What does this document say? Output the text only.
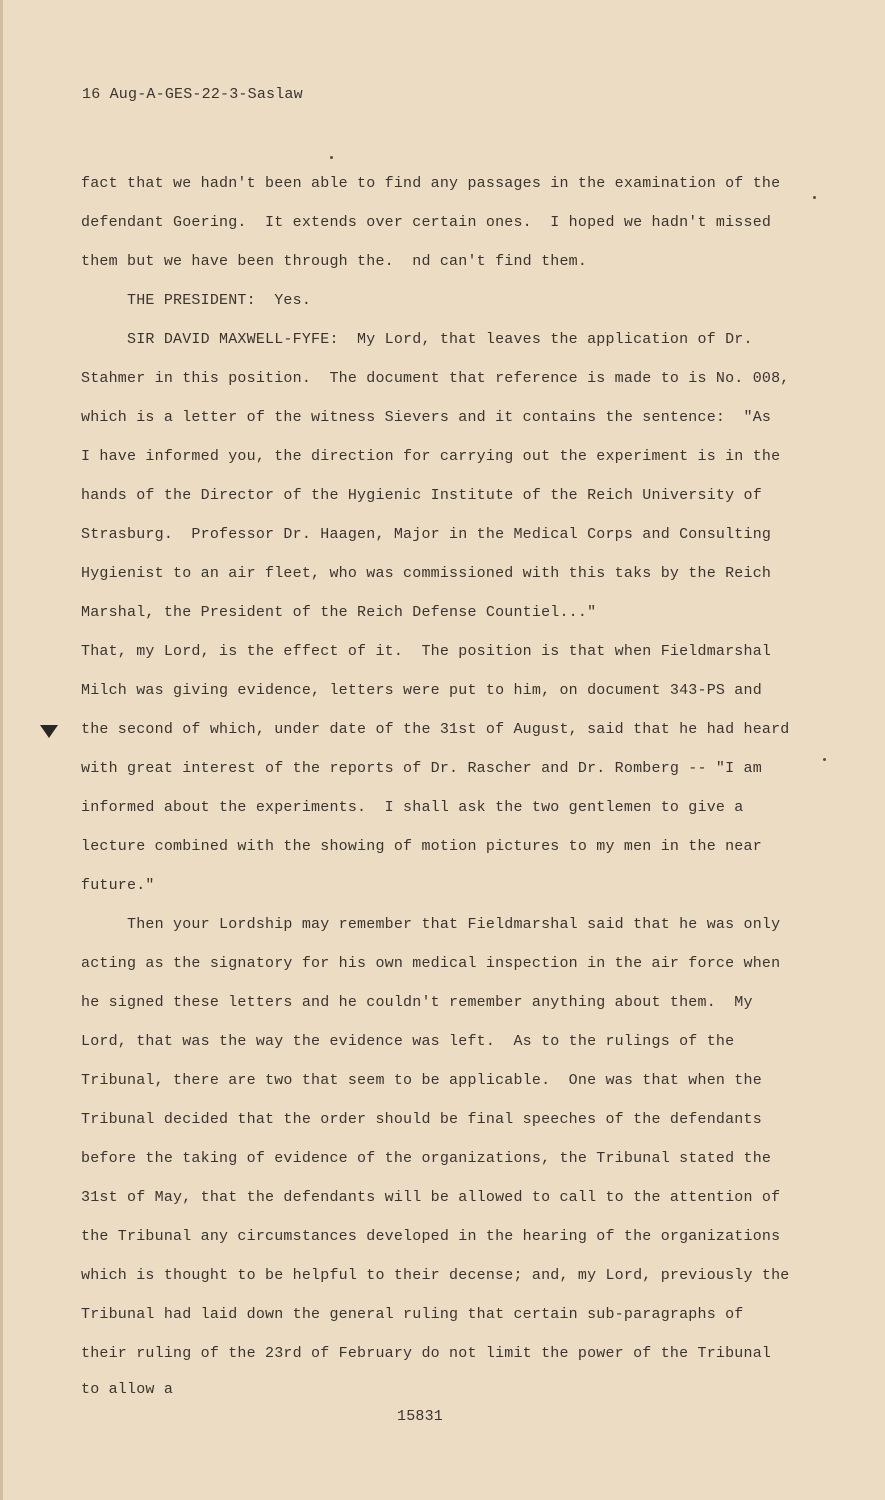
16 Aug-A-GES-22-3-Saslaw
fact that we hadn't been able to find any passages in the examination of the
defendant Goering.  It extends over certain ones.  I hoped we hadn't missed
them but we have been through the.  nd can't find them.
THE PRESIDENT:  Yes.
SIR DAVID MAXWELL-FYFE:  My Lord, that leaves the application of Dr.
Stahmer in this position.  The document that reference is made to is No. 008,
which is a letter of the witness Sievers and it contains the sentence:  "As
I have informed you, the direction for carrying out the experiment is in the
hands of the Director of the Hygienic Institute of the Reich University of
Strasburg.  Professor Dr. Haagen, Major in the Medical Corps and Consulting
Hygienist to an air fleet, who was commissioned with this taks by the Reich
Marshal, the President of the Reich Defense Countiel..."
That, my Lord, is the effect of it.  The position is that when Fieldmarshal
Milch was giving evidence, letters were put to him, on document 343-PS and
the second of which, under date of the 31st of August, said that he had heard
with great interest of the reports of Dr. Rascher and Dr. Romberg -- "I am
informed about the experiments.  I shall ask the two gentlemen to give a
lecture combined with the showing of motion pictures to my men in the near
future."
Then your Lordship may remember that Fieldmarshal said that he was only
acting as the signatory for his own medical inspection in the air force when
he signed these letters and he couldn't remember anything about them.  My
Lord, that was the way the evidence was left.  As to the rulings of the
Tribunal, there are two that seem to be applicable.  One was that when the
Tribunal decided that the order should be final speeches of the defendants
before the taking of evidence of the organizations, the Tribunal stated the
31st of May, that the defendants will be allowed to call to the attention of
the Tribunal any circumstances developed in the hearing of the organizations
which is thought to be helpful to their decense; and, my Lord, previously the
Tribunal had laid down the general ruling that certain sub-paragraphs of
their ruling of the 23rd of February do not limit the power of the Tribunal
to allow a
15831
